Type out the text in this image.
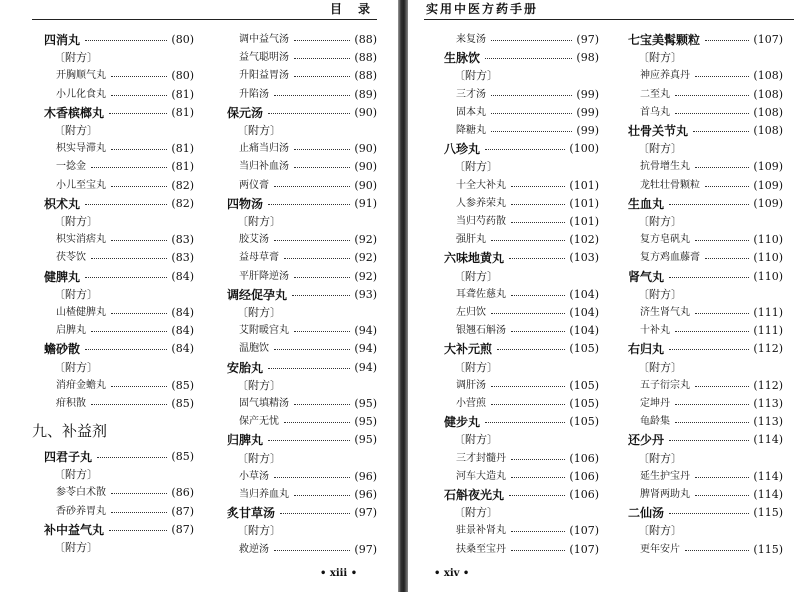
目　录
四消丸	(80)
〔附方〕
开胸顺气丸	(80)
小儿化食丸	(81)
木香槟榔丸	(81)
〔附方〕
枳实导滞丸	(81)
一捻金	(81)
小儿至宝丸	(82)
枳术丸	(82)
〔附方〕
枳实消痞丸	(83)
茯苓饮	(83)
健脾丸	(84)
〔附方〕
山楂健脾丸	(84)
启脾丸	(84)
蟾砂散	(84)
〔附方〕
消疳金蟾丸	(85)
疳积散	(85)
九、补益剂
四君子丸	(85)
〔附方〕
参苓白术散	(86)
香砂养胃丸	(87)
补中益气丸	(87)
〔附方〕
调中益气汤	(88)
益气聪明汤	(88)
升阳益胃汤	(88)
升陷汤	(89)
保元汤	(90)
〔附方〕
止痛当归汤	(90)
当归补血汤	(90)
两仪膏	(90)
四物汤	(91)
〔附方〕
胶艾汤	(92)
益母草膏	(92)
平肝降逆汤	(92)
调经促孕丸	(93)
〔附方〕
艾附暖宫丸	(94)
温胞饮	(94)
安胎丸	(94)
〔附方〕
固气填精汤	(95)
保产无忧	(95)
归脾丸	(95)
〔附方〕
小草汤	(96)
当归养血丸	(96)
炙甘草汤	(97)
〔附方〕
救逆汤	(97)
• xiii •
实用中医方药手册
来复汤	(97)
生脉饮	(98)
〔附方〕
三才汤	(99)
固本丸	(99)
降糖丸	(99)
八珍丸	(100)
〔附方〕
十全大补丸	(101)
人参养荣丸	(101)
当归芍药散	(101)
强肝丸	(102)
六味地黄丸	(103)
〔附方〕
耳聋佐慈丸	(104)
左归饮	(104)
银翘石斛汤	(104)
大补元煎	(105)
〔附方〕
调肝汤	(105)
小营煎	(105)
健步丸	(105)
〔附方〕
三才封髓丹	(106)
河车大造丸	(106)
石斛夜光丸	(106)
〔附方〕
驻景补肾丸	(107)
扶桑至宝丹	(107)
七宝美髯颗粒	(107)
〔附方〕
神应养真丹	(108)
二至丸	(108)
首乌丸	(108)
壮骨关节丸	(108)
〔附方〕
抗骨增生丸	(109)
龙牡壮骨颗粒	(109)
生血丸	(109)
〔附方〕
复方皂矾丸	(110)
复方鸡血藤膏	(110)
肾气丸	(110)
〔附方〕
济生肾气丸	(111)
十补丸	(111)
右归丸	(112)
〔附方〕
五子衍宗丸	(112)
定坤丹	(113)
龟龄集	(113)
还少丹	(114)
〔附方〕
延生护宝丹	(114)
脾肾两助丸	(114)
二仙汤	(115)
〔附方〕
更年安片	(115)
• xiv •
